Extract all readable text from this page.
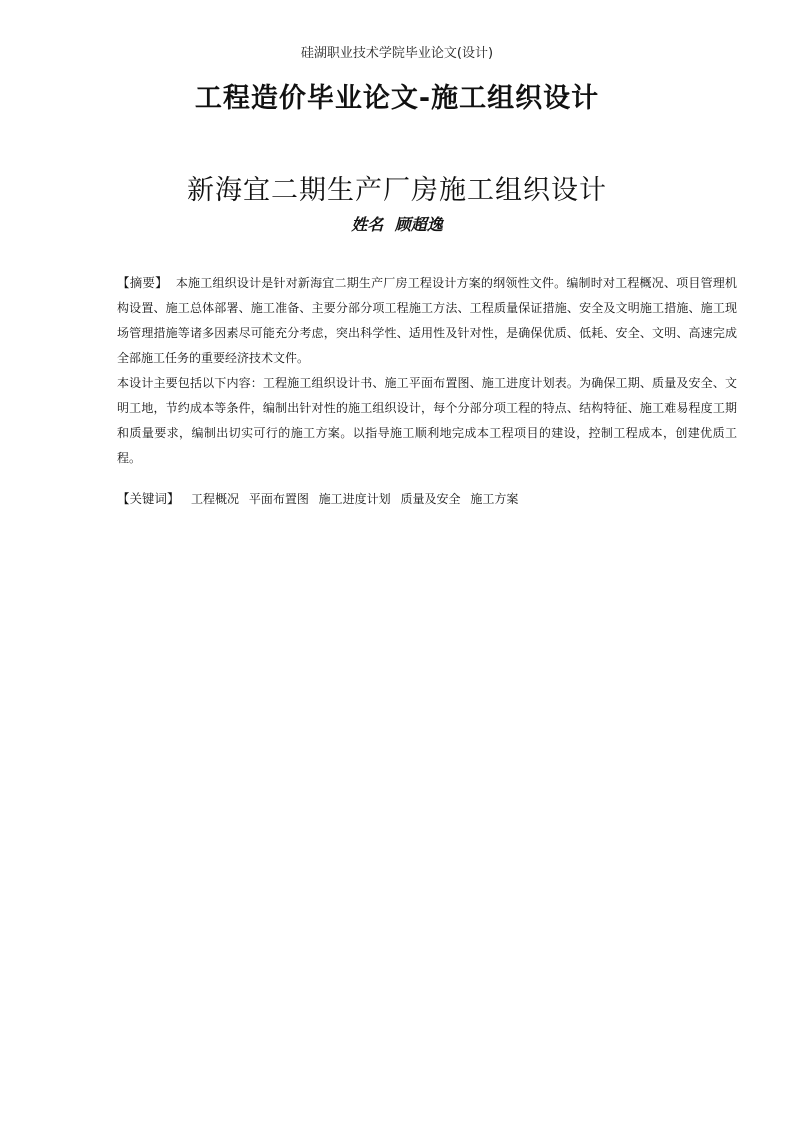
硅湖职业技术学院毕业论文(设计)
工程造价毕业论文-施工组织设计
新海宜二期生产厂房施工组织设计
姓名 顾超逸

【摘要】 本施工组织设计是针对新海宜二期生产厂房工程设计方案的纲领性文件。编制时对工程概况、项目管理机构设置、施工总体部署、施工准备、主要分部分项工程施工方法、工程质量保证措施、安全及文明施工措施、施工现场管理措施等诸多因素尽可能充分考虑，突出科学性、适用性及针对性，是确保优质、低耗、安全、文明、高速完成全部施工任务的重要经济技术文件。

本设计主要包括以下内容：工程施工组织设计书、施工平面布置图、施工进度计划表。为确保工期、质量及安全、文明工地，节约成本等条件，编制出针对性的施工组织设计，每个分部分项工程的特点、结构特征、施工难易程度工期和质量要求，编制出切实可行的施工方案。以指导施工顺利地完成本工程项目的建设，控制工程成本，创建优质工程。

【关键词】 工程概况 平面布置图 施工进度计划 质量及安全 施工方案
